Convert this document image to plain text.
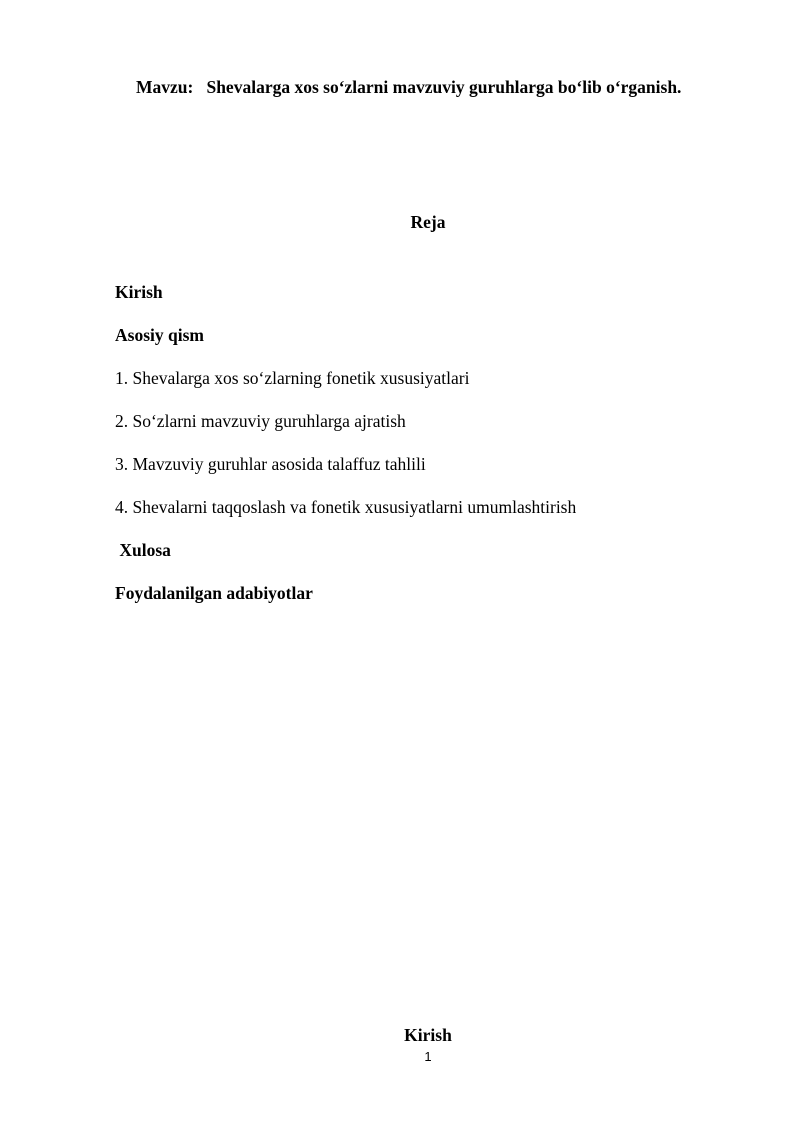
Mavzu:   Shevalarga xos so‘zlarni mavzuviy guruhlarga bo‘lib o‘rganish.
Reja
Kirish
Asosiy qism
1. Shevalarga xos so‘zlarning fonetik xususiyatlari
2. So‘zlarni mavzuviy guruhlarga ajratish
3. Mavzuviy guruhlar asosida talaffuz tahlili
4. Shevalarni taqqoslash va fonetik xususiyatlarni umumlashtirish
Xulosa
Foydalanilgan adabiyotlar
Kirish
1
